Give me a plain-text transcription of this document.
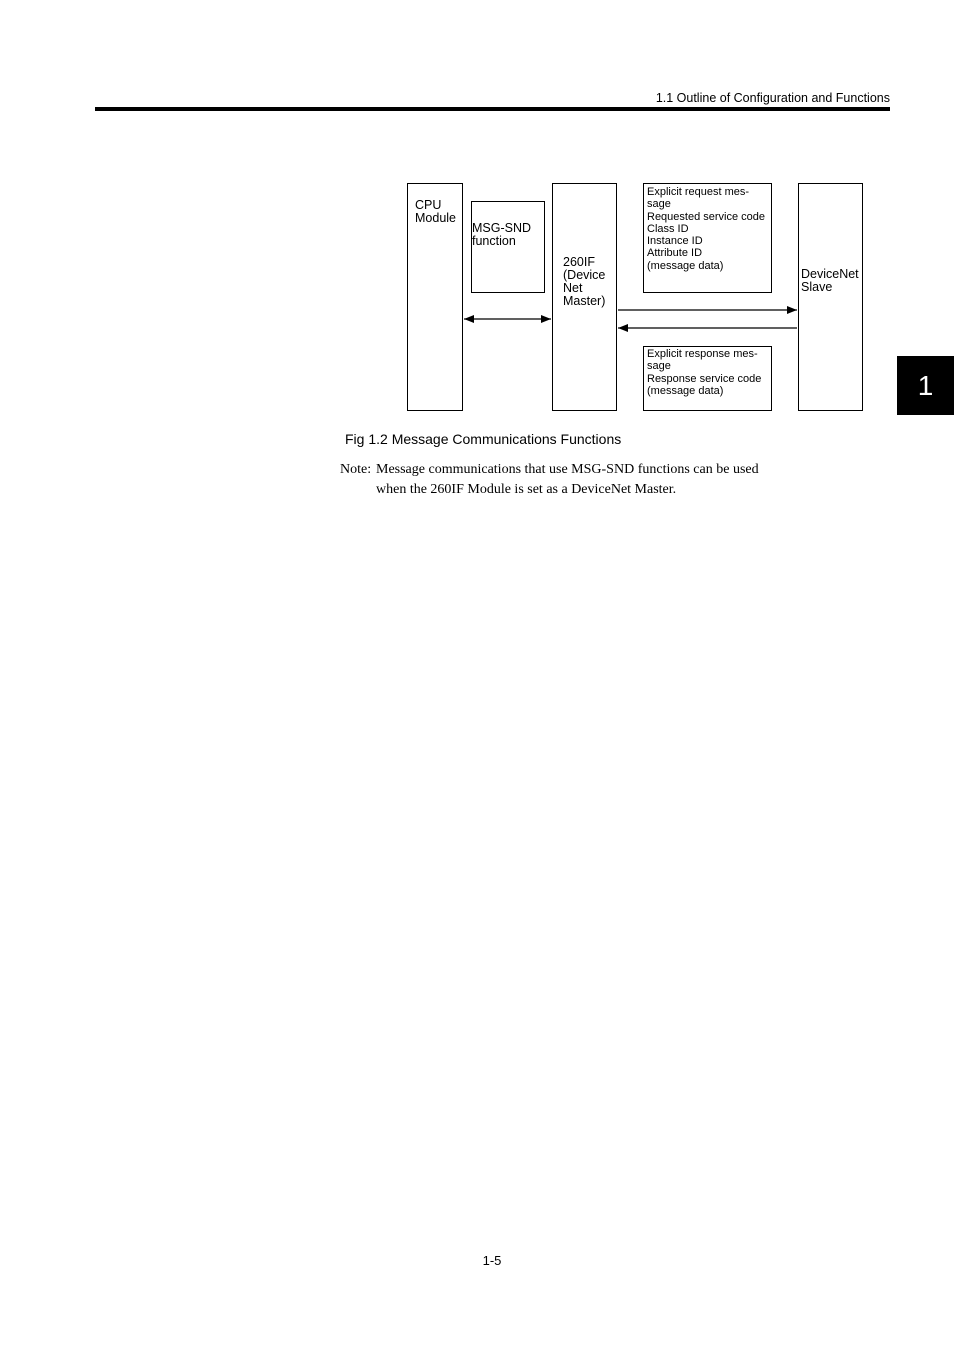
1.1 Outline of Configuration and Functions
1
CPU
Module
MSG-SND
function
260IF
(Device
Net
Master)
Explicit request mes-
sage
Requested service code
Class ID
Instance ID
Attribute ID
(message data)
Explicit response mes-
sage
Response service code
(message data)
DeviceNet
Slave
Fig 1.2 Message Communications Functions
Note: Message communications that use MSG-SND functions can be used
when the 260IF Module is set as a DeviceNet Master.
1-5
